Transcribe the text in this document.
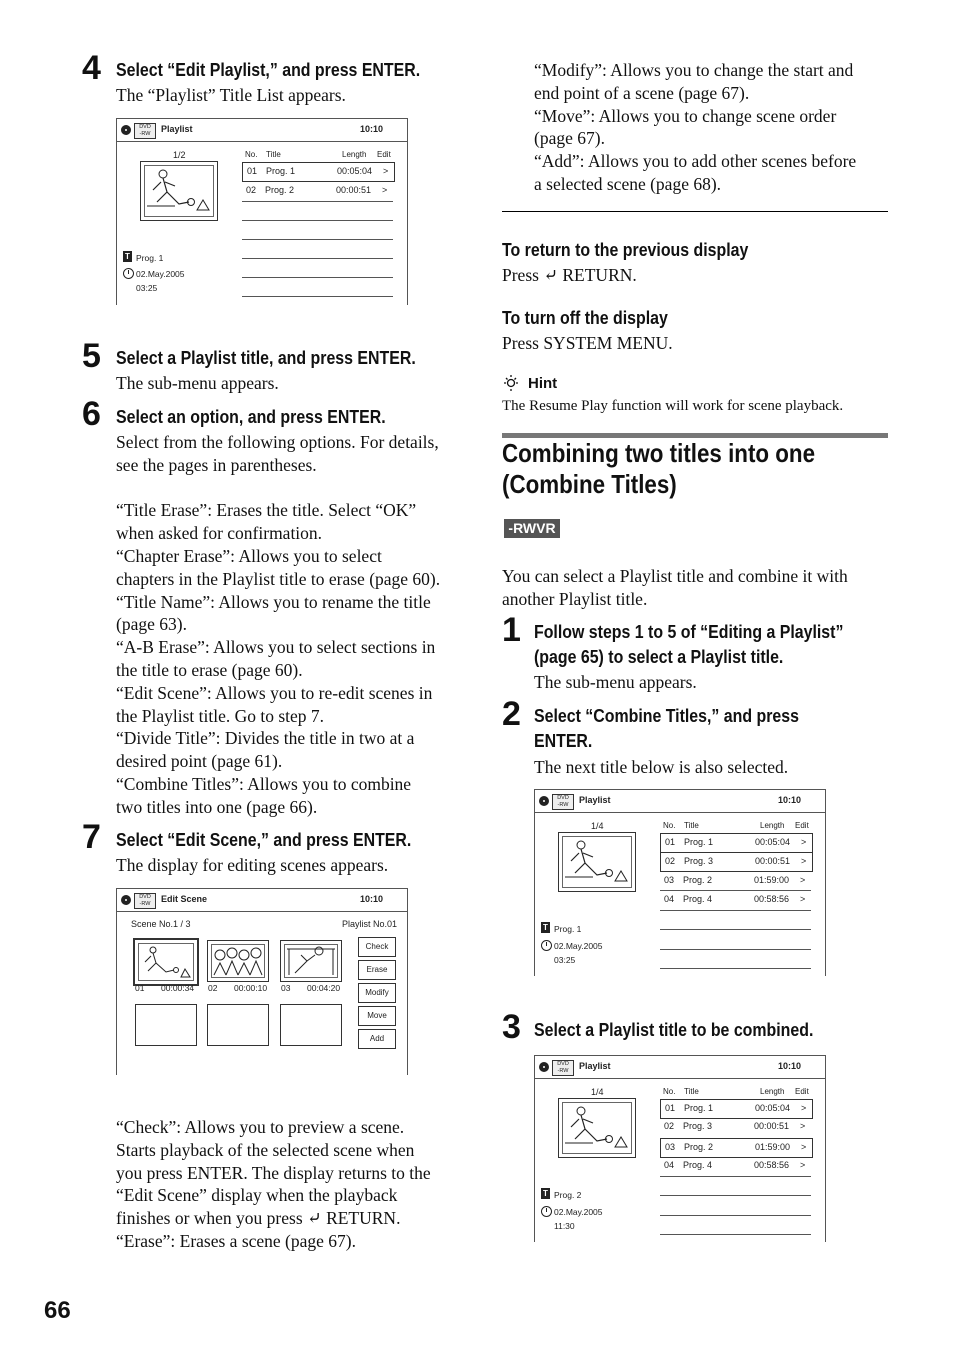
4 Select “Edit Playlist,” and press ENTER.
The “Playlist” Title List appears.
DVD
-RW	Playlist	10:10
1/2
T Prog. 1
02.May.2005
03:25
No. Title	Length Edit
01 Prog. 1	00:05:04 >
02 Prog. 2	00:00:51 >
5 Select a Playlist title, and press ENTER.
The sub-menu appears.
6 Select an option, and press ENTER.
Select from the following options. For details,
see the pages in parentheses.
“Title Erase”: Erases the title. Select “OK”
when asked for confirmation.
“Chapter Erase”: Allows you to select
chapters in the Playlist title to erase (page 60).
“Title Name”: Allows you to rename the title
(page 63).
“A-B Erase”: Allows you to select sections in
the title to erase (page 60).
“Edit Scene”: Allows you to re-edit scenes in
the Playlist title. Go to step 7.
“Divide Title”: Divides the title in two at a
desired point (page 61).
“Combine Titles”: Allows you to combine
two titles into one (page 66).
7 Select “Edit Scene,” and press ENTER.
The display for editing scenes appears.
DVD
-RW	Edit Scene	10:10
Scene No.1 / 3	Playlist No.01
01 00:00:34 02 00:00:10 03 00:04:20
Check
Erase
Modify
Move
Add
“Check”: Allows you to preview a scene.
Starts playback of the selected scene when
you press ENTER. The display returns to the
“Edit Scene” display when the playback
finishes or when you press ⤶ RETURN.
“Erase”: Erases a scene (page 67).
66
“Modify”: Allows you to change the start and
end point of a scene (page 67).
“Move”: Allows you to change scene order
(page 67).
“Add”: Allows you to add other scenes before
a selected scene (page 68).
To return to the previous display
Press ⤶ RETURN.
To turn off the display
Press SYSTEM MENU.
Hint
The Resume Play function will work for scene playback.
Combining two titles into one
(Combine Titles)
-RWVR
You can select a Playlist title and combine it with
another Playlist title.
1 Follow steps 1 to 5 of “Editing a Playlist”
(page 65) to select a Playlist title.
The sub-menu appears.
2 Select “Combine Titles,” and press
ENTER.
The next title below is also selected.
DVD
-RW	Playlist	10:10
1/4
T Prog. 1
02.May.2005
03:25
No. Title	Length Edit
01 Prog. 1	00:05:04 >
02 Prog. 3	00:00:51 >
03 Prog. 2	01:59:00 >
04 Prog. 4	00:58:56 >
3 Select a Playlist title to be combined.
DVD
-RW	Playlist	10:10
1/4
T Prog. 2
02.May.2005
11:30
No. Title	Length Edit
01 Prog. 1	00:05:04 >
02 Prog. 3	00:00:51 >
03 Prog. 2	01:59:00 >
04 Prog. 4	00:58:56 >
